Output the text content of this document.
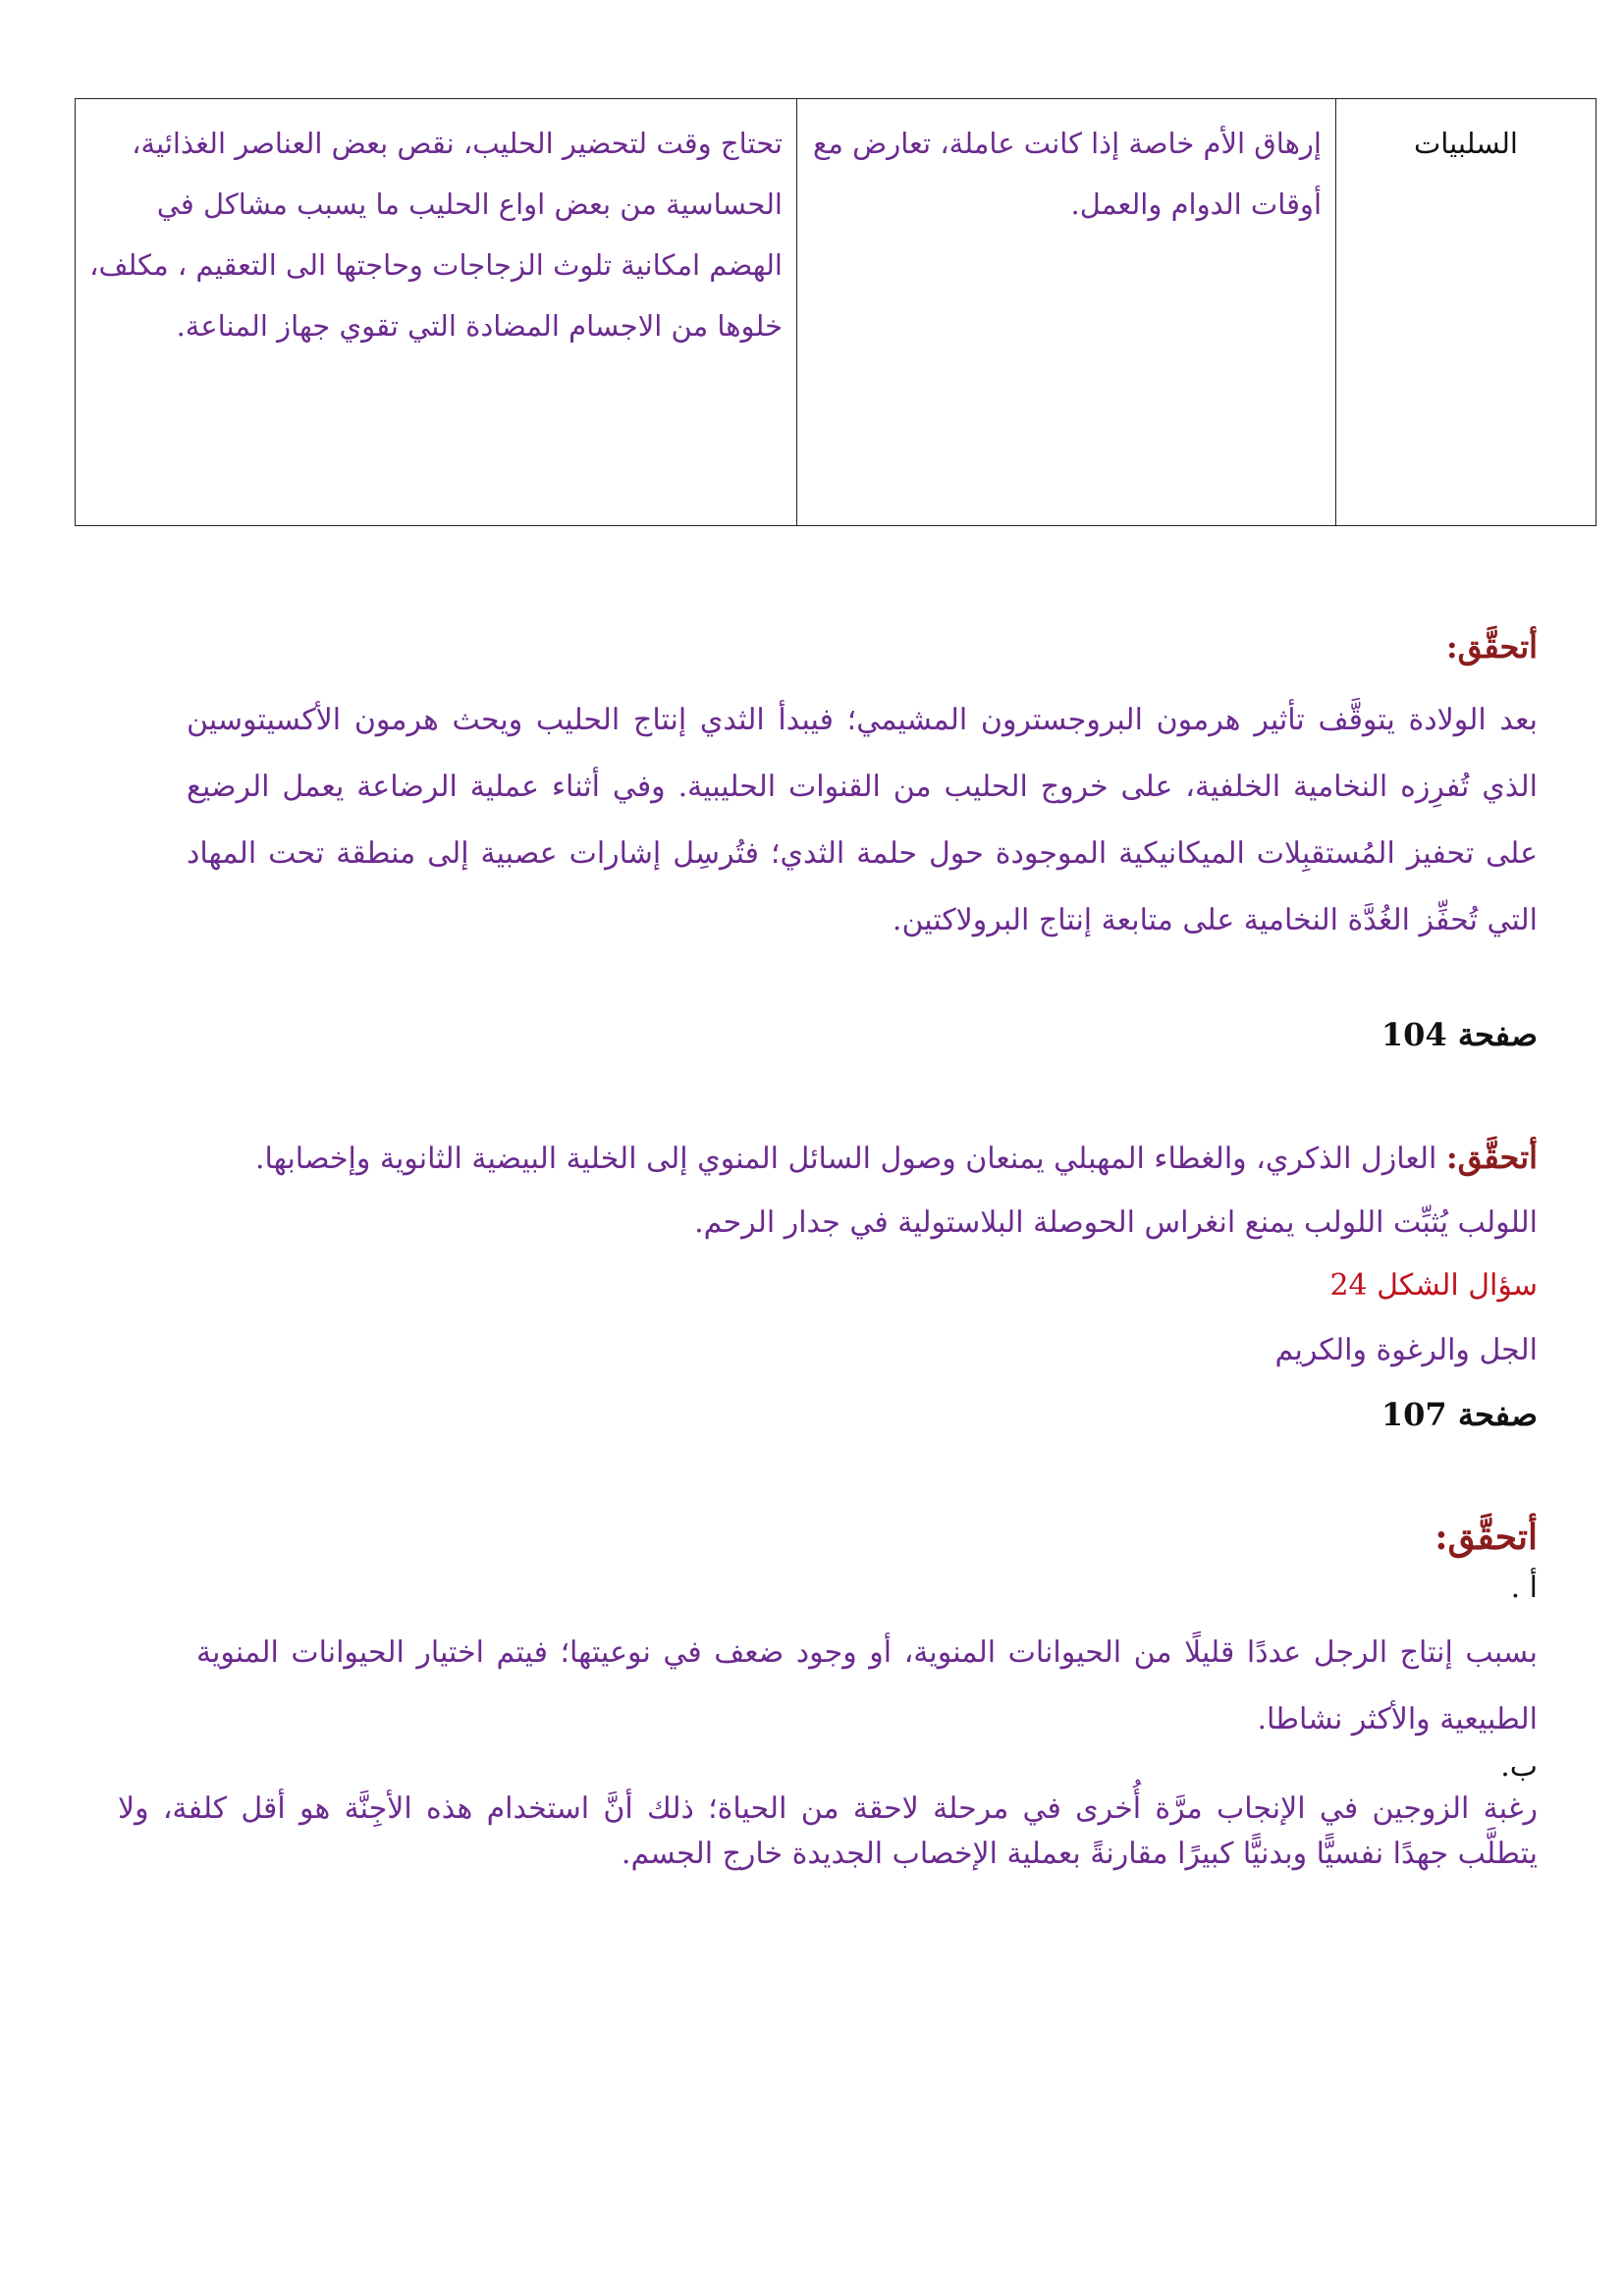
السلبيات	إرهاق الأم خاصة إذا كانت عاملة، تعارض مع أوقات الدوام والعمل.	تحتاج وقت لتحضير الحليب، نقص بعض العناصر الغذائية، الحساسية من بعض اواع الحليب ما يسبب مشاكل في الهضم امكانية تلوث الزجاجات وحاجتها الى التعقيم ، مكلف، خلوها من الاجسام المضادة التي تقوي جهاز المناعة.
أتحقَّق:
بعد الولادة يتوقَّف تأثير هرمون البروجسترون المشيمي؛ فيبدأ الثدي إنتاج الحليب ويحث هرمون الأكسيتوسين الذي تُفرِزه النخامية الخلفية، على خروج الحليب من القنوات الحليبية. وفي أثناء عملية الرضاعة يعمل الرضيع على تحفيز المُستقبِلات الميكانيكية الموجودة حول حلمة الثدي؛ فتُرسِل إشارات عصبية إلى منطقة تحت المهاد التي تُحفِّز الغُدَّة النخامية على متابعة إنتاج البرولاكتين.
صفحة 104
أتحقَّق: العازل الذكري، والغطاء المهبلي يمنعان وصول السائل المنوي إلى الخلية البيضية الثانوية وإخصابها.
اللولب يُثبِّت اللولب يمنع انغراس الحوصلة البلاستولية في جدار الرحم.
سؤال الشكل 24
الجل والرغوة والكريم
صفحة 107
أتحقَّق:
أ .
بسبب إنتاج الرجل عددًا قليلًا من الحيوانات المنوية، أو وجود ضعف في نوعيتها؛ فيتم اختيار الحيوانات المنوية الطبيعية والأكثر نشاطا.
ب.
رغبة الزوجين في الإنجاب مرَّة أُخرى في مرحلة لاحقة من الحياة؛ ذلك أنَّ استخدام هذه الأجِنَّة هو أقل كلفة، ولا يتطلَّب جهدًا نفسيًّا وبدنيًّا كبيرًا مقارنةً بعملية الإخصاب الجديدة خارج الجسم.
